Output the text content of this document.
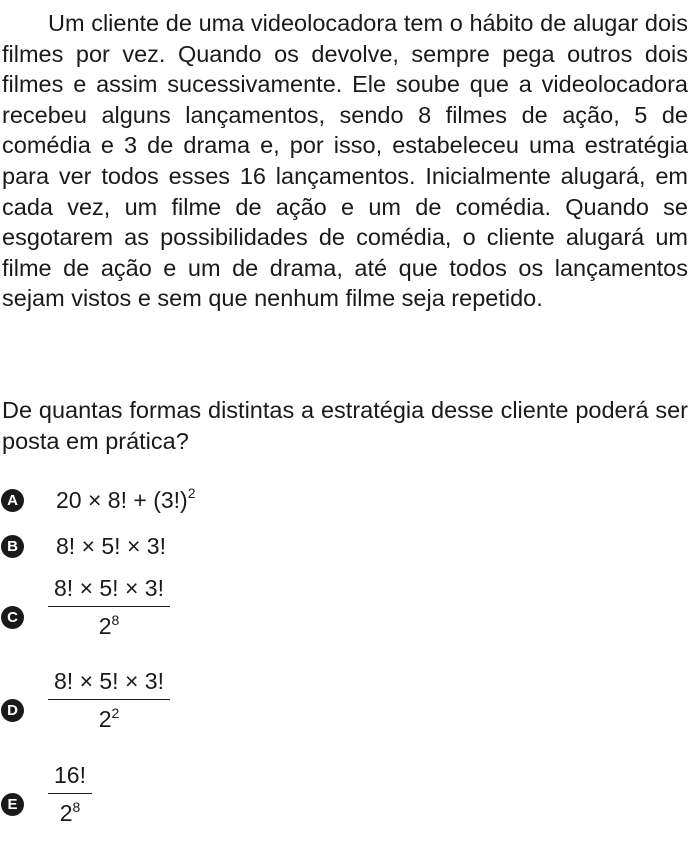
Um cliente de uma videolocadora tem o hábito de alugar dois filmes por vez. Quando os devolve, sempre pega outros dois filmes e assim sucessivamente. Ele soube que a videolocadora recebeu alguns lançamentos, sendo 8 filmes de ação, 5 de comédia e 3 de drama e, por isso, estabeleceu uma estratégia para ver todos esses 16 lançamentos. Inicialmente alugará, em cada vez, um filme de ação e um de comédia. Quando se esgotarem as possibilidades de comédia, o cliente alugará um filme de ação e um de drama, até que todos os lançamentos sejam vistos e sem que nenhum filme seja repetido.

De quantas formas distintas a estratégia desse cliente poderá ser posta em prática?

A 20 × 8! + $(3!)^2$
B 8! × 5! × 3!
C $\frac{8! \times 5! \times 3!}{2^8}$
D $\frac{8! \times 5! \times 3!}{2^2}$
E $\frac{16!}{2^8}$
